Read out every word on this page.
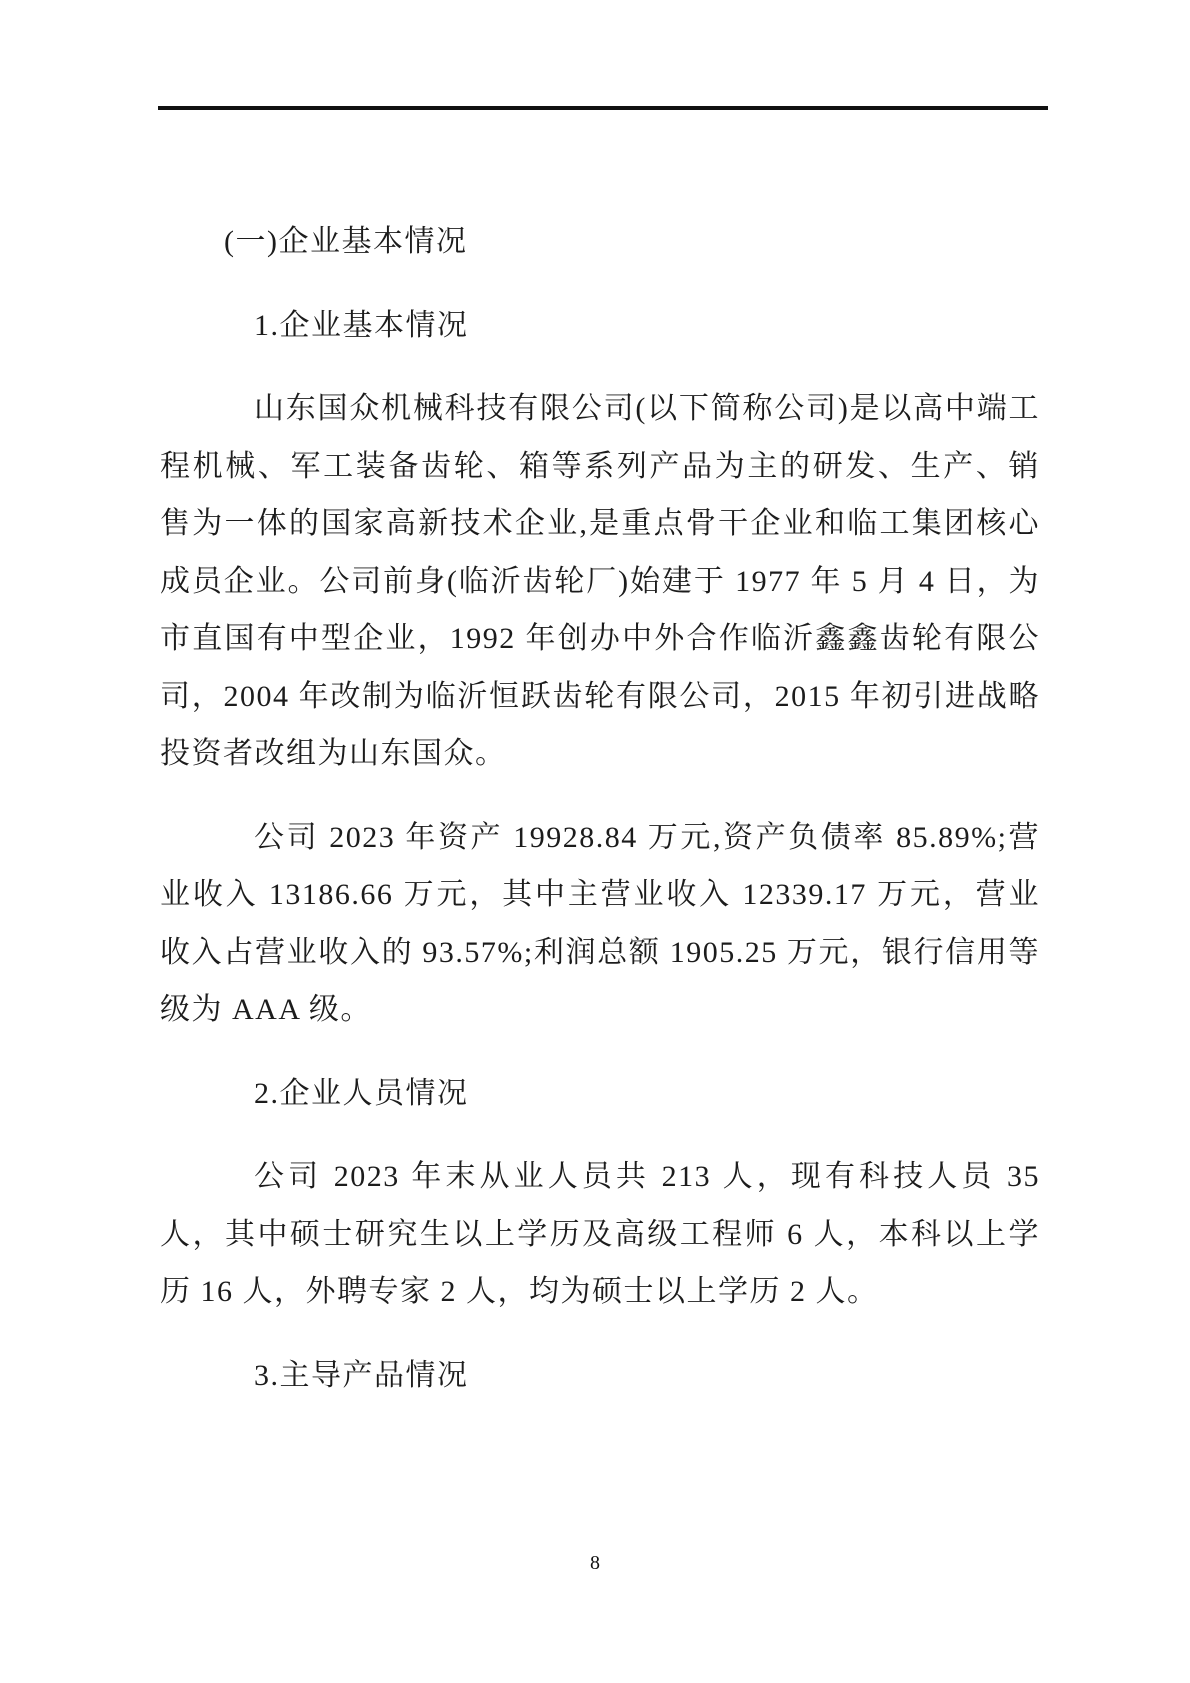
(一)企业基本情况
1.企业基本情况
山东国众机械科技有限公司(以下简称公司)是以高中端工程机械、军工装备齿轮、箱等系列产品为主的研发、生产、销售为一体的国家高新技术企业,是重点骨干企业和临工集团核心成员企业。公司前身(临沂齿轮厂)始建于 1977 年 5 月 4 日，为市直国有中型企业，1992 年创办中外合作临沂鑫鑫齿轮有限公司，2004 年改制为临沂恒跃齿轮有限公司，2015 年初引进战略投资者改组为山东国众。
公司 2023 年资产 19928.84 万元,资产负债率 85.89%;营业收入 13186.66 万元，其中主营业收入 12339.17 万元，营业收入占营业收入的 93.57%;利润总额 1905.25 万元，银行信用等级为 AAA 级。
2.企业人员情况
公司 2023 年末从业人员共 213 人，现有科技人员 35 人，其中硕士研究生以上学历及高级工程师 6 人，本科以上学历 16 人，外聘专家 2 人，均为硕士以上学历 2 人。
3.主导产品情况
8
